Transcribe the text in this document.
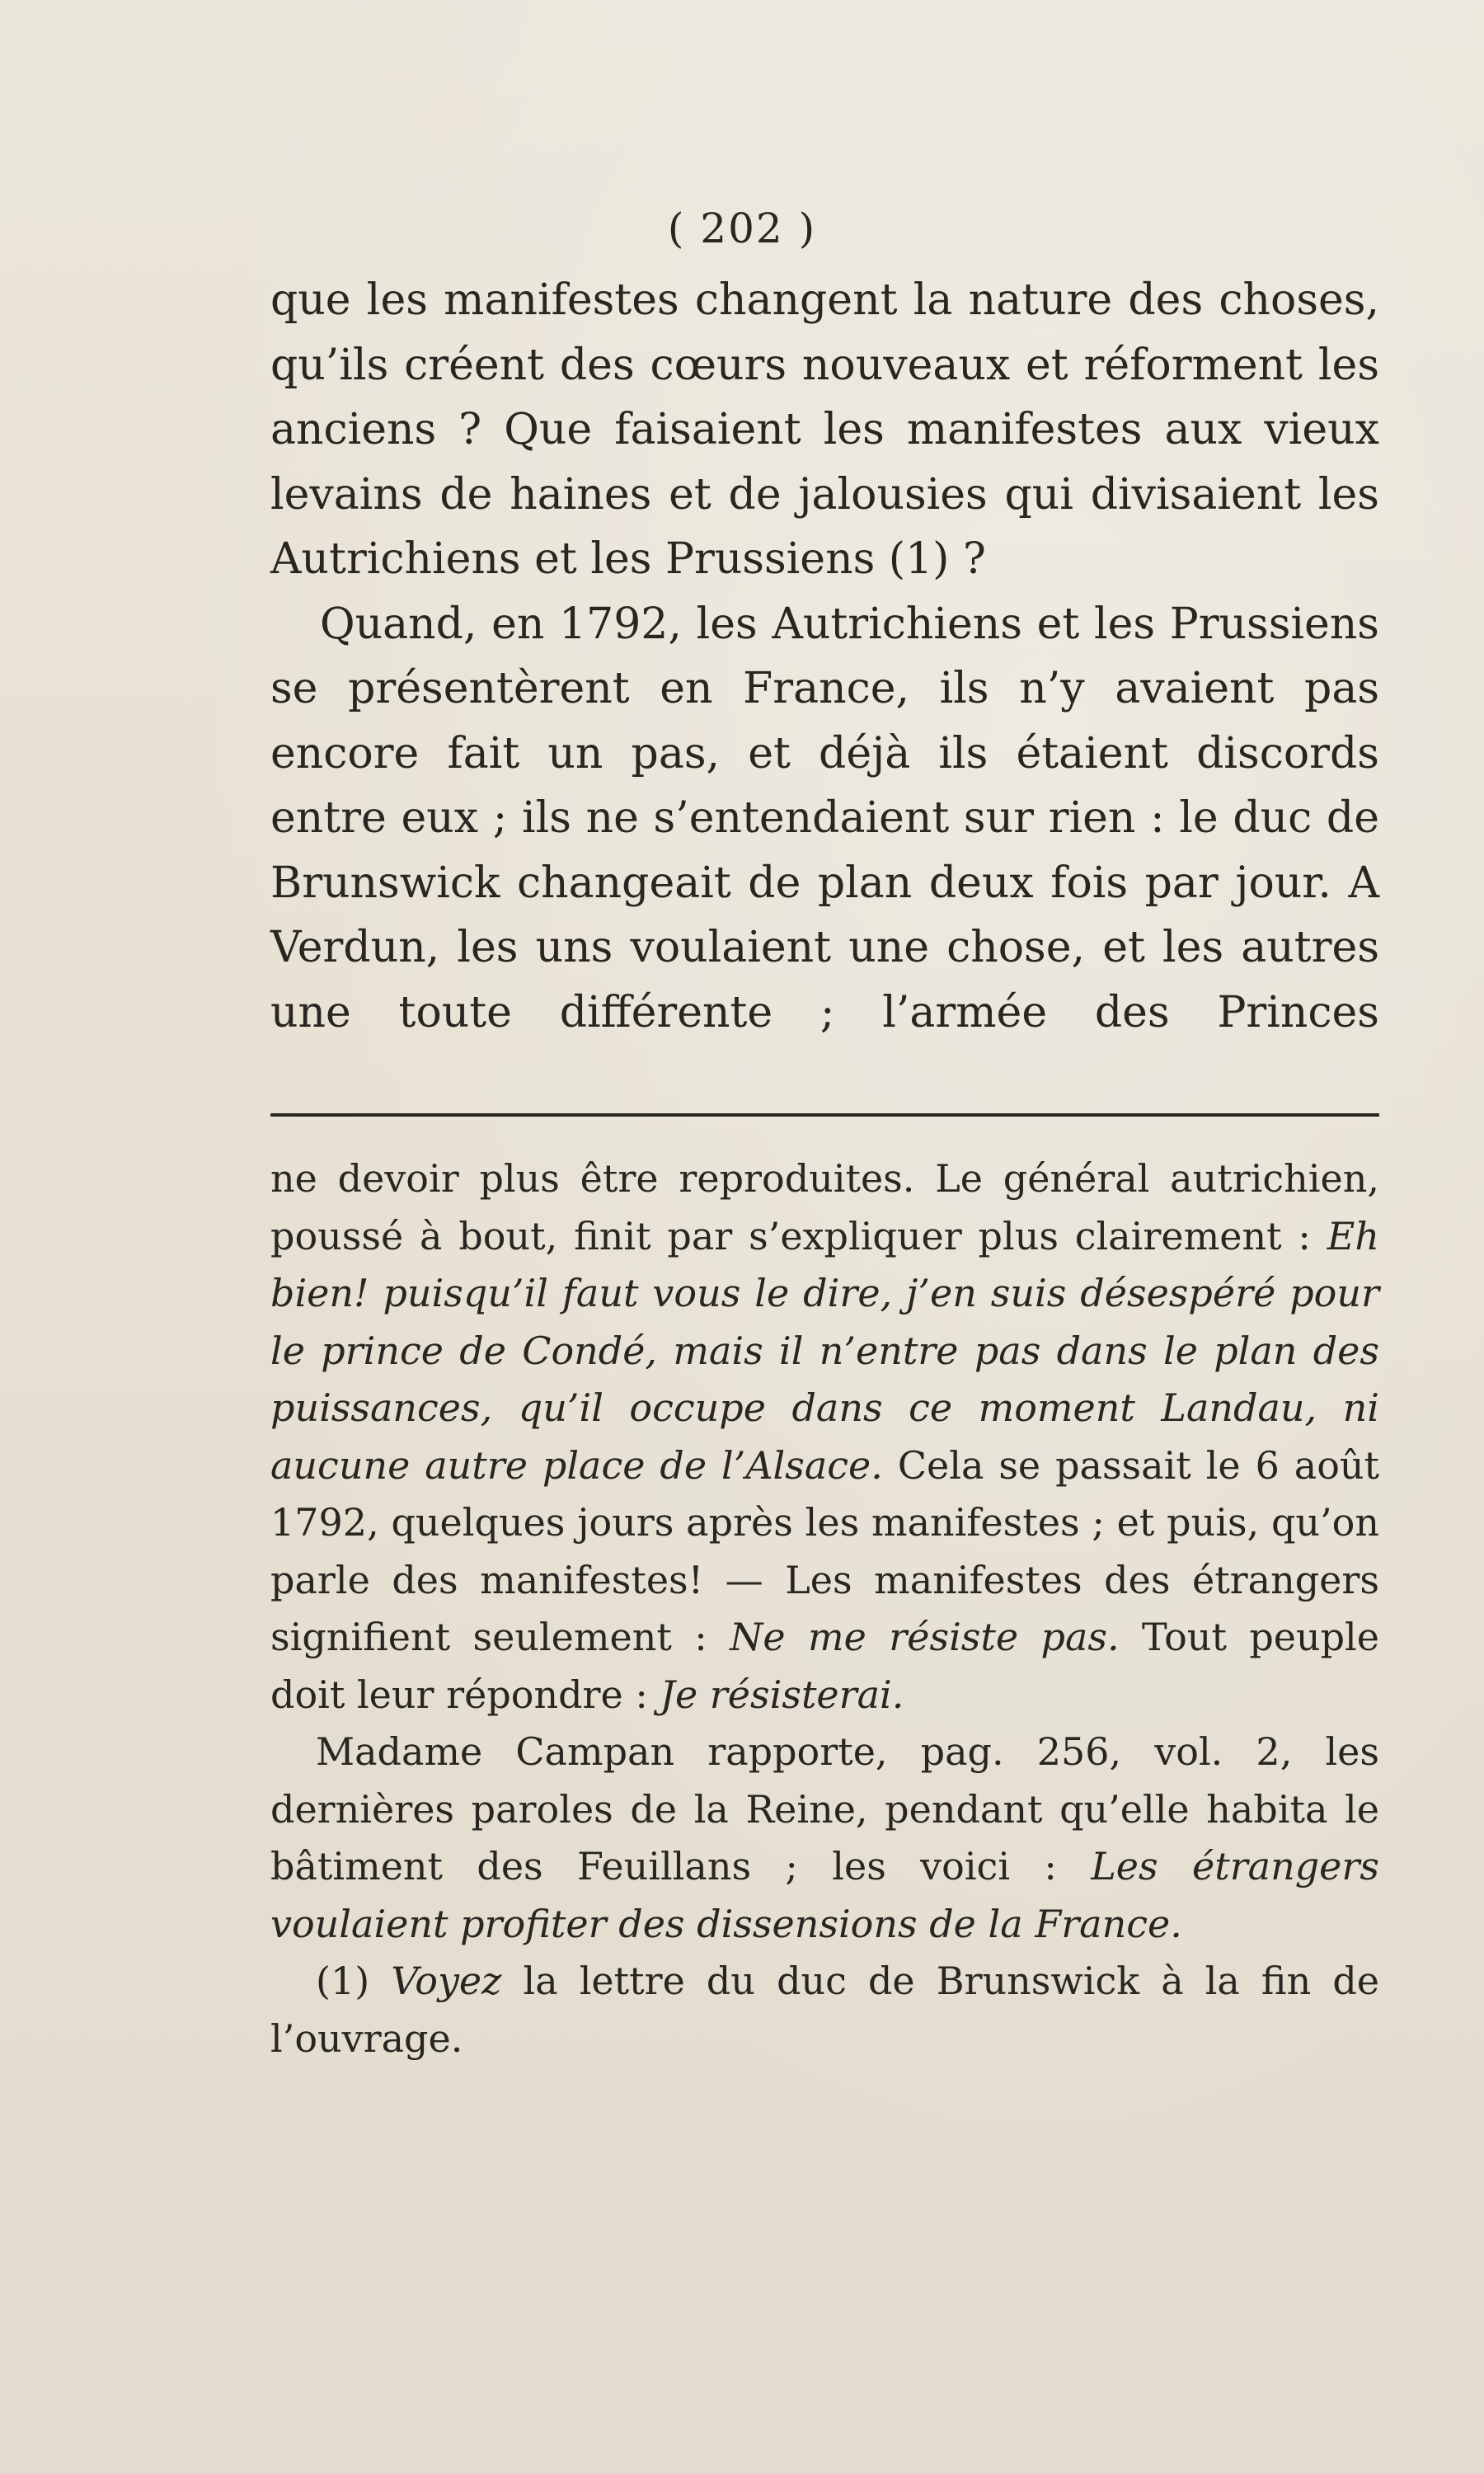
( 202 )

que les manifestes changent la nature des choses, qu’ils créent des cœurs nouveaux et réforment les anciens ? Que faisaient les manifestes aux vieux levains de haines et de jalousies qui divisaient les Autrichiens et les Prussiens (1) ?

Quand, en 1792, les Autrichiens et les Prussiens se présentèrent en France, ils n’y avaient pas encore fait un pas, et déjà ils étaient discords entre eux ; ils ne s’entendaient sur rien : le duc de Brunswick changeait de plan deux fois par jour. A Verdun, les uns voulaient une chose, et les autres une toute différente ; l’armée des Princes

ne devoir plus être reproduites. Le général autrichien, poussé à bout, finit par s’expliquer plus clairement : Eh bien! puisqu’il faut vous le dire, j’en suis désespéré pour le prince de Condé, mais il n’entre pas dans le plan des puissances, qu’il occupe dans ce moment Landau, ni aucune autre place de l’Alsace. Cela se passait le 6 août 1792, quelques jours après les manifestes ; et puis, qu’on parle des manifestes! — Les manifestes des étrangers signifient seulement : Ne me résiste pas. Tout peuple doit leur répondre : Je résisterai.

Madame Campan rapporte, pag. 256, vol. 2, les dernières paroles de la Reine, pendant qu’elle habita le bâtiment des Feuillans ; les voici : Les étrangers voulaient profiter des dissensions de la France.

(1) Voyez la lettre du duc de Brunswick à la fin de l’ouvrage.
